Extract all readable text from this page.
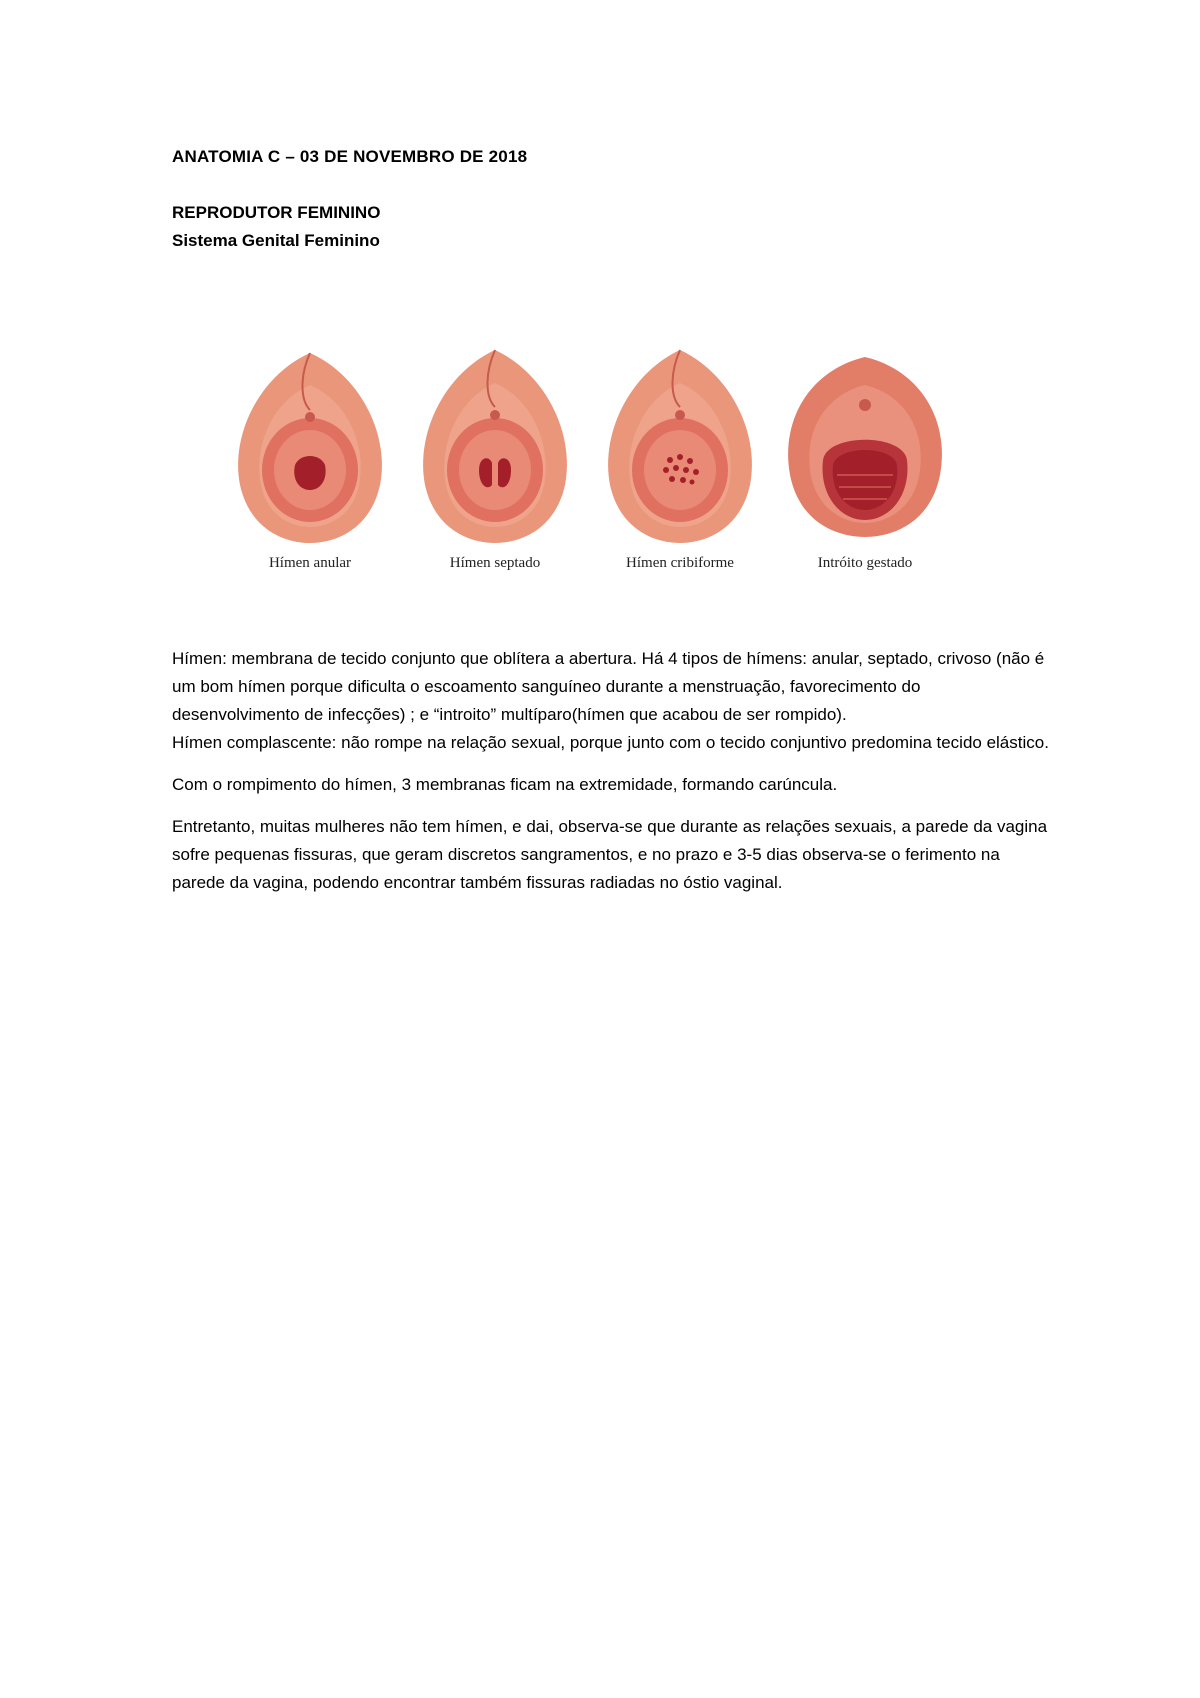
ANATOMIA C – 03 DE NOVEMBRO DE 2018
REPRODUTOR FEMININO
Sistema Genital Feminino
Hímen anular	Hímen septado	Hímen cribiforme	Intróito gestado

Hímen: membrana de tecido conjunto que oblítera a abertura. Há 4 tipos de hímens: anular, septado, crivoso (não é um bom hímen porque dificulta o escoamento sanguíneo durante a menstruação, favorecimento do desenvolvimento de infecções) ; e “introito” multíparo(hímen que acabou de ser rompido).

Hímen complascente: não rompe na relação sexual, porque junto com o tecido conjuntivo predomina tecido elástico.

Com o rompimento do hímen, 3 membranas ficam na extremidade, formando carúncula.

Entretanto, muitas mulheres não tem hímen, e dai, observa-se que durante as relações sexuais, a parede da vagina sofre pequenas fissuras, que geram discretos sangramentos, e no prazo e 3-5 dias observa-se o ferimento na parede da vagina, podendo encontrar também fissuras radiadas no óstio vaginal.
